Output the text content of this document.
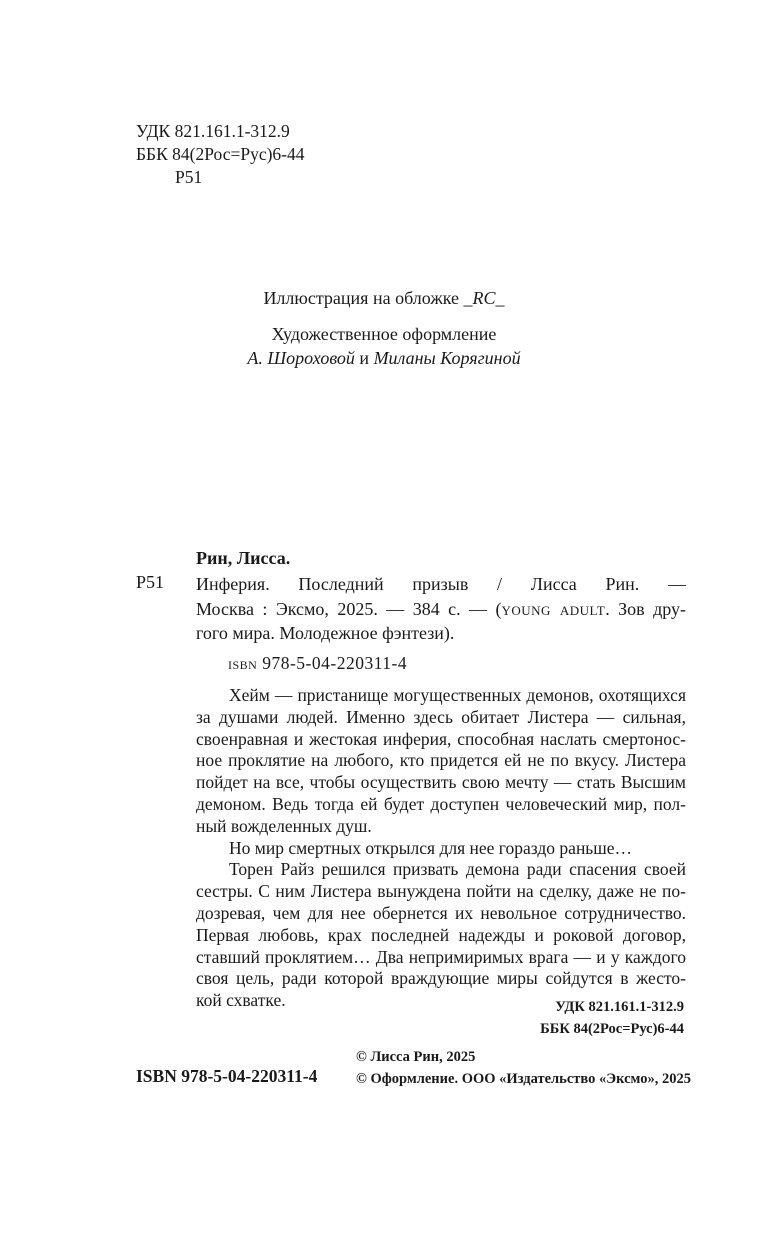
УДК 821.161.1-312.9
ББК 84(2Рос=Рус)6-44
Р51
Иллюстрация на обложке _RC_
Художественное оформление
А. Шороховой и Миланы Корягиной
Рин, Лисса.
Р51 Инферия. Последний призыв / Лисса Рин. —
Москва : Эксмо, 2025. — 384 с. — (young adult. Зов дру-
гого мира. Молодежное фэнтези).
isbn 978-5-04-220311-4
Хейм — пристанище могущественных демонов, охотящихся
за душами людей. Именно здесь обитает Листера — сильная,
своенравная и жестокая инферия, способная наслать смертонос-
ное проклятие на любого, кто придется ей не по вкусу. Листера
пойдет на все, чтобы осуществить свою мечту — стать Высшим
демоном. Ведь тогда ей будет доступен человеческий мир, пол-
ный вожделенных душ.
Но мир смертных открылся для нее гораздо раньше…
Торен Райз решился призвать демона ради спасения своей
сестры. С ним Листера вынуждена пойти на сделку, даже не по-
дозревая, чем для нее обернется их невольное сотрудничество.
Первая любовь, крах последней надежды и роковой договор,
ставший проклятием… Два непримиримых врага — и у каждого
своя цель, ради которой враждующие миры сойдутся в жесто-
кой схватке.	УДК 821.161.1-312.9
ББК 84(2Рос=Рус)6-44
ISBN 978-5-04-220311-4
© Лисса Рин, 2025
© Оформление. ООО «Издательство «Эксмо», 2025
